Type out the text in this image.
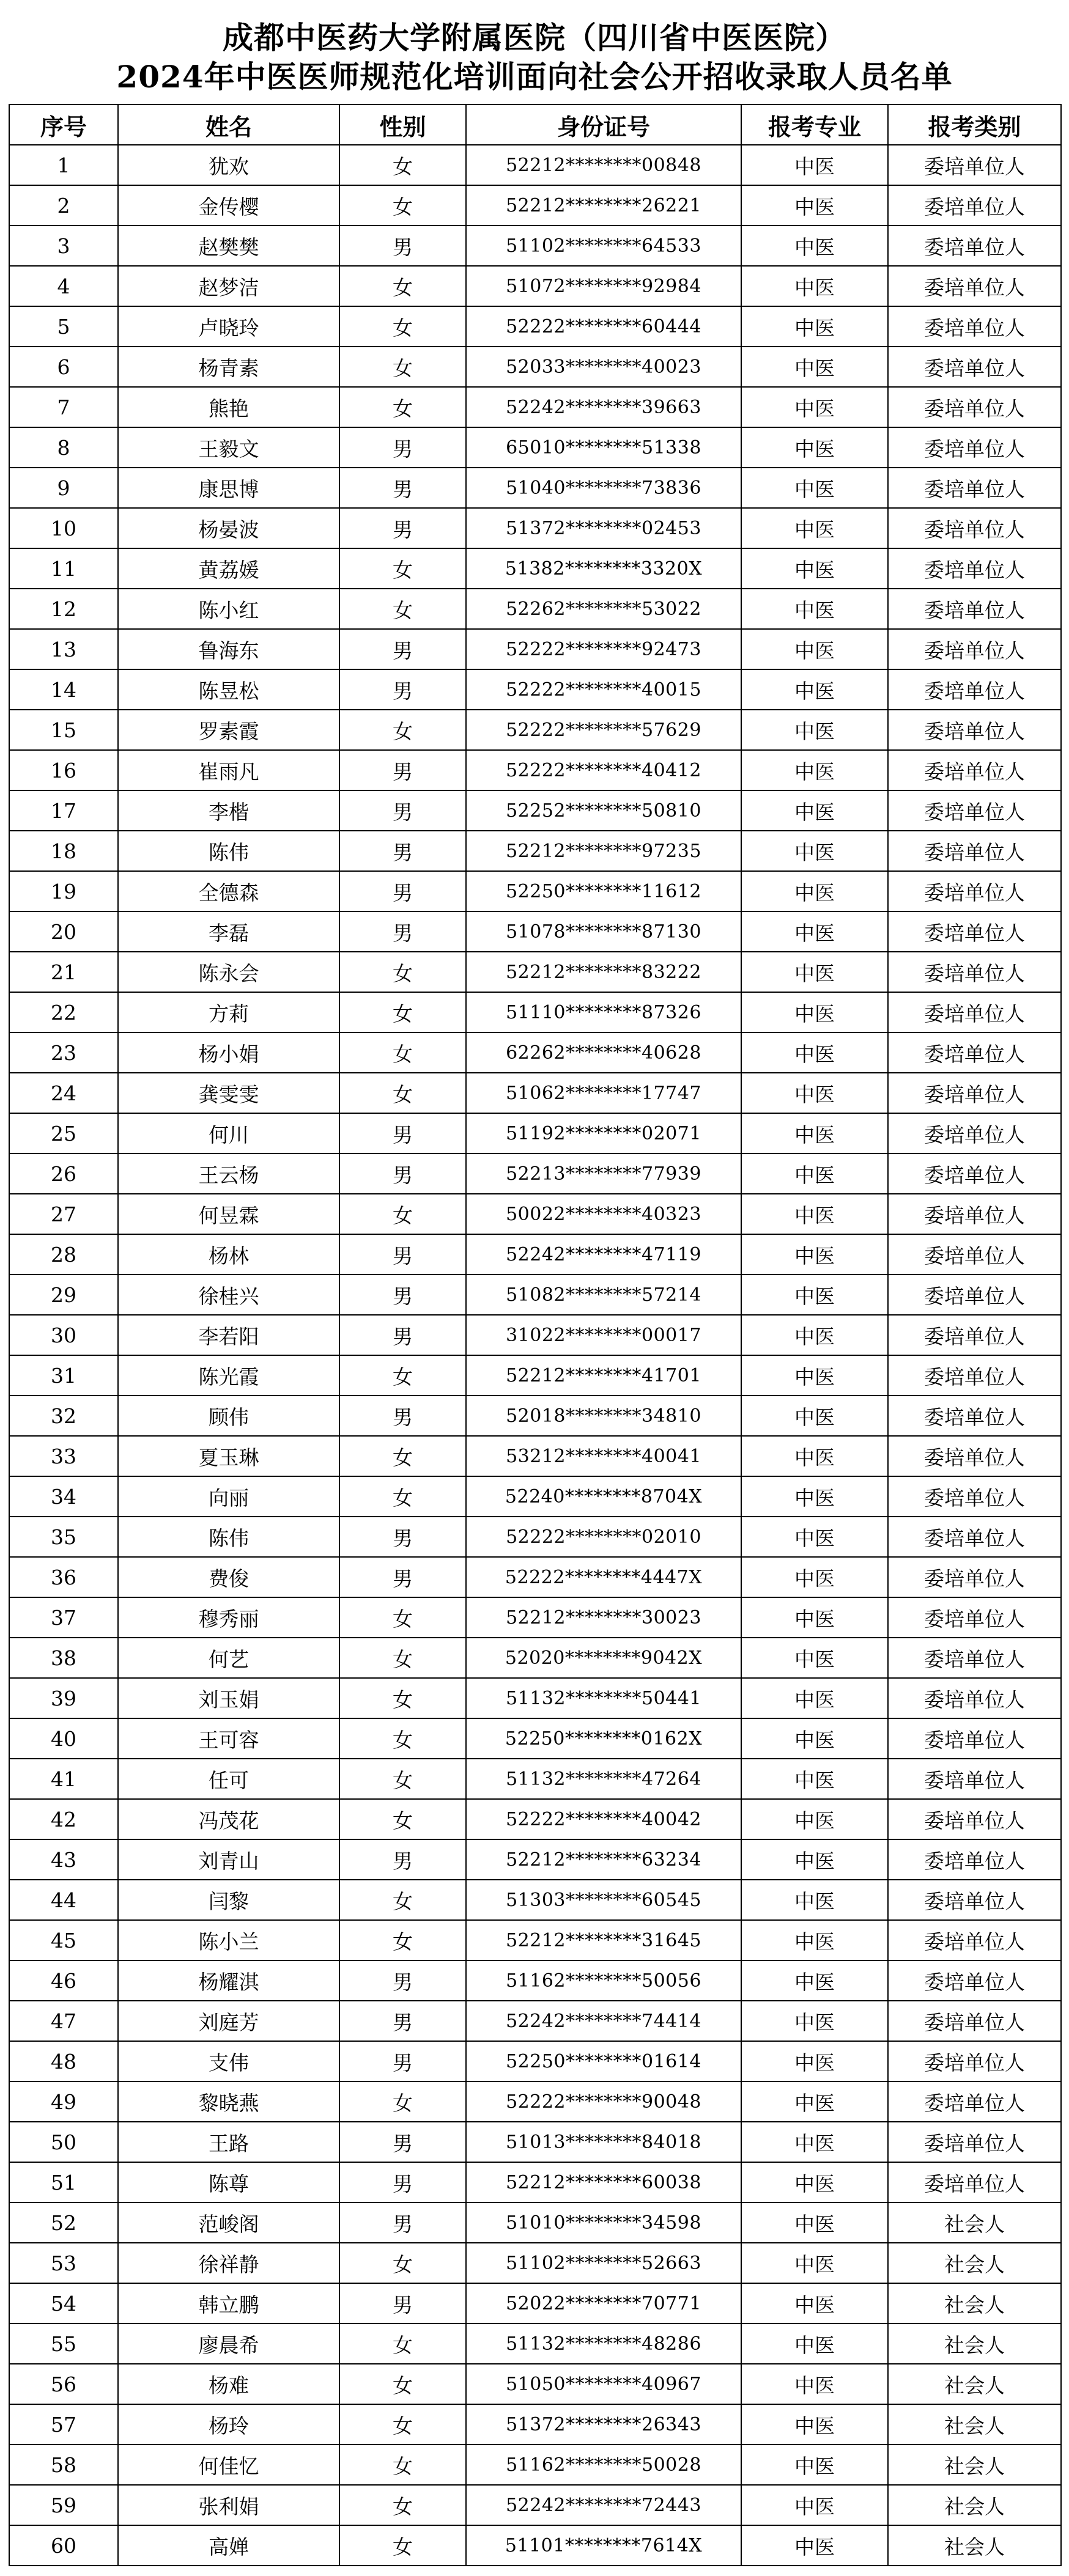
成都中医药大学附属医院（四川省中医医院）
2024年中医医师规范化培训面向社会公开招收录取人员名单
序号	姓名	性别	身份证号	报考专业	报考类别
1	犹欢	女	52212********00848	中医	委培单位人
2	金传樱	女	52212********26221	中医	委培单位人
3	赵樊樊	男	51102********64533	中医	委培单位人
4	赵梦洁	女	51072********92984	中医	委培单位人
5	卢晓玲	女	52222********60444	中医	委培单位人
6	杨青素	女	52033********40023	中医	委培单位人
7	熊艳	女	52242********39663	中医	委培单位人
8	王毅文	男	65010********51338	中医	委培单位人
9	康思博	男	51040********73836	中医	委培单位人
10	杨晏波	男	51372********02453	中医	委培单位人
11	黄荔媛	女	51382********3320X	中医	委培单位人
12	陈小红	女	52262********53022	中医	委培单位人
13	鲁海东	男	52222********92473	中医	委培单位人
14	陈昱松	男	52222********40015	中医	委培单位人
15	罗素霞	女	52222********57629	中医	委培单位人
16	崔雨凡	男	52222********40412	中医	委培单位人
17	李楷	男	52252********50810	中医	委培单位人
18	陈伟	男	52212********97235	中医	委培单位人
19	全德森	男	52250********11612	中医	委培单位人
20	李磊	男	51078********87130	中医	委培单位人
21	陈永会	女	52212********83222	中医	委培单位人
22	方莉	女	51110********87326	中医	委培单位人
23	杨小娟	女	62262********40628	中医	委培单位人
24	龚雯雯	女	51062********17747	中医	委培单位人
25	何川	男	51192********02071	中医	委培单位人
26	王云杨	男	52213********77939	中医	委培单位人
27	何昱霖	女	50022********40323	中医	委培单位人
28	杨林	男	52242********47119	中医	委培单位人
29	徐桂兴	男	51082********57214	中医	委培单位人
30	李若阳	男	31022********00017	中医	委培单位人
31	陈光霞	女	52212********41701	中医	委培单位人
32	顾伟	男	52018********34810	中医	委培单位人
33	夏玉琳	女	53212********40041	中医	委培单位人
34	向丽	女	52240********8704X	中医	委培单位人
35	陈伟	男	52222********02010	中医	委培单位人
36	费俊	男	52222********4447X	中医	委培单位人
37	穆秀丽	女	52212********30023	中医	委培单位人
38	何艺	女	52020********9042X	中医	委培单位人
39	刘玉娟	女	51132********50441	中医	委培单位人
40	王可容	女	52250********0162X	中医	委培单位人
41	任可	女	51132********47264	中医	委培单位人
42	冯茂花	女	52222********40042	中医	委培单位人
43	刘青山	男	52212********63234	中医	委培单位人
44	闫黎	女	51303********60545	中医	委培单位人
45	陈小兰	女	52212********31645	中医	委培单位人
46	杨耀淇	男	51162********50056	中医	委培单位人
47	刘庭芳	男	52242********74414	中医	委培单位人
48	支伟	男	52250********01614	中医	委培单位人
49	黎晓燕	女	52222********90048	中医	委培单位人
50	王路	男	51013********84018	中医	委培单位人
51	陈尊	男	52212********60038	中医	委培单位人
52	范峻阁	男	51010********34598	中医	社会人
53	徐祥静	女	51102********52663	中医	社会人
54	韩立鹏	男	52022********70771	中医	社会人
55	廖晨希	女	51132********48286	中医	社会人
56	杨难	女	51050********40967	中医	社会人
57	杨玲	女	51372********26343	中医	社会人
58	何佳忆	女	51162********50028	中医	社会人
59	张利娟	女	52242********72443	中医	社会人
60	高婵	女	51101********7614X	中医	社会人
